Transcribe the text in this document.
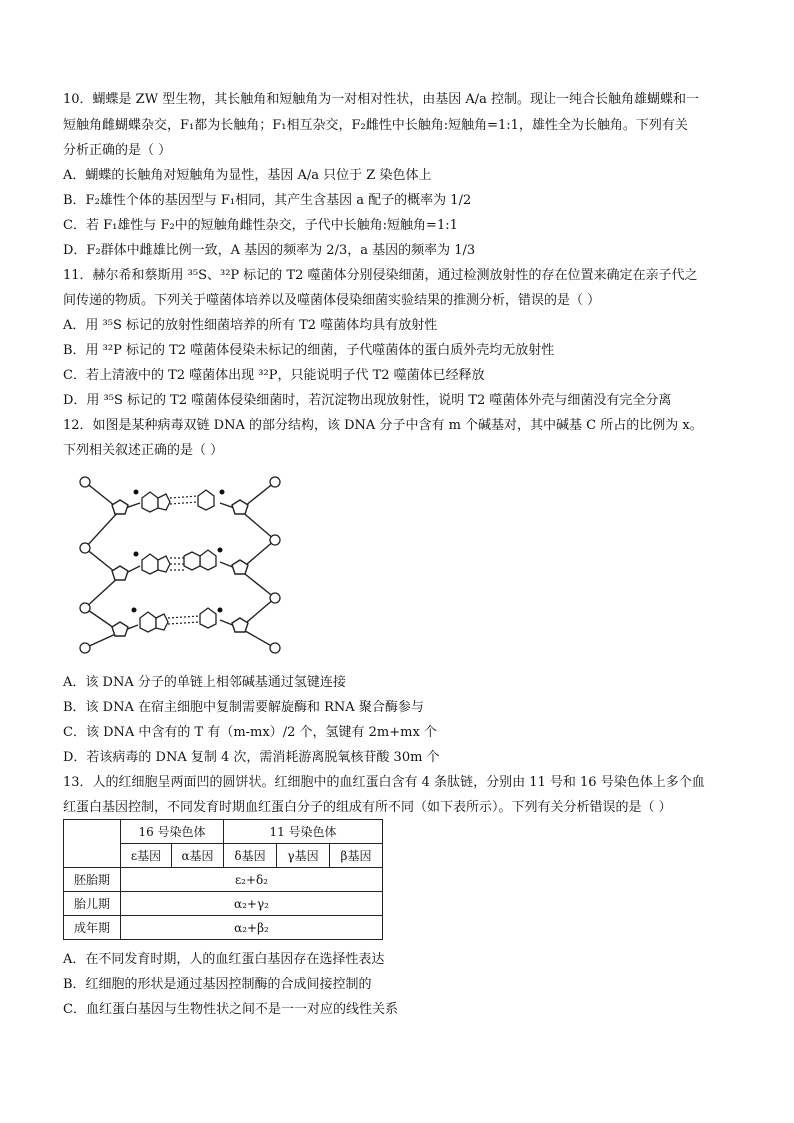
10．蝴蝶是 ZW 型生物，其长触角和短触角为一对相对性状，由基因 A/a 控制。现让一纯合长触角雄蝴蝶和一
短触角雌蝴蝶杂交，F₁都为长触角；F₁相互杂交，F₂雌性中长触角:短触角=1:1，雄性全为长触角。下列有关
分析正确的是（ ）
A．蝴蝶的长触角对短触角为显性，基因 A/a 只位于 Z 染色体上
B．F₂雄性个体的基因型与 F₁相同，其产生含基因 a 配子的概率为 1/2
C．若 F₁雄性与 F₂中的短触角雌性杂交，子代中长触角:短触角=1:1
D．F₂群体中雌雄比例一致，A 基因的频率为 2/3，a 基因的频率为 1/3
11．赫尔希和蔡斯用 ³⁵S、³²P 标记的 T2 噬菌体分别侵染细菌，通过检测放射性的存在位置来确定在亲子代之
间传递的物质。下列关于噬菌体培养以及噬菌体侵染细菌实验结果的推测分析，错误的是（ ）
A．用 ³⁵S 标记的放射性细菌培养的所有 T2 噬菌体均具有放射性
B．用 ³²P 标记的 T2 噬菌体侵染未标记的细菌，子代噬菌体的蛋白质外壳均无放射性
C．若上清液中的 T2 噬菌体出现 ³²P，只能说明子代 T2 噬菌体已经释放
D．用 ³⁵S 标记的 T2 噬菌体侵染细菌时，若沉淀物出现放射性，说明 T2 噬菌体外壳与细菌没有完全分离
12．如图是某种病毒双链 DNA 的部分结构，该 DNA 分子中含有 m 个碱基对，其中碱基 C 所占的比例为 x。
下列相关叙述正确的是（ ）
A．该 DNA 分子的单链上相邻碱基通过氢键连接
B．该 DNA 在宿主细胞中复制需要解旋酶和 RNA 聚合酶参与
C．该 DNA 中含有的 T 有（m-mx）/2 个，氢键有 2m+mx 个
D．若该病毒的 DNA 复制 4 次，需消耗游离脱氧核苷酸 30m 个
13．人的红细胞呈两面凹的圆饼状。红细胞中的血红蛋白含有 4 条肽链，分别由 11 号和 16 号染色体上多个血
红蛋白基因控制，不同发育时期血红蛋白分子的组成有所不同（如下表所示）。下列有关分析错误的是（ ）
	16 号染色体		11 号染色体		
	ε基因	α基因	δ基因	γ基因	β基因
胚胎期	ε₂+δ₂				
胎儿期	α₂+γ₂				
成年期	α₂+β₂				
A．在不同发育时期，人的血红蛋白基因存在选择性表达
B．红细胞的形状是通过基因控制酶的合成间接控制的
C．血红蛋白基因与生物性状之间不是一一对应的线性关系
